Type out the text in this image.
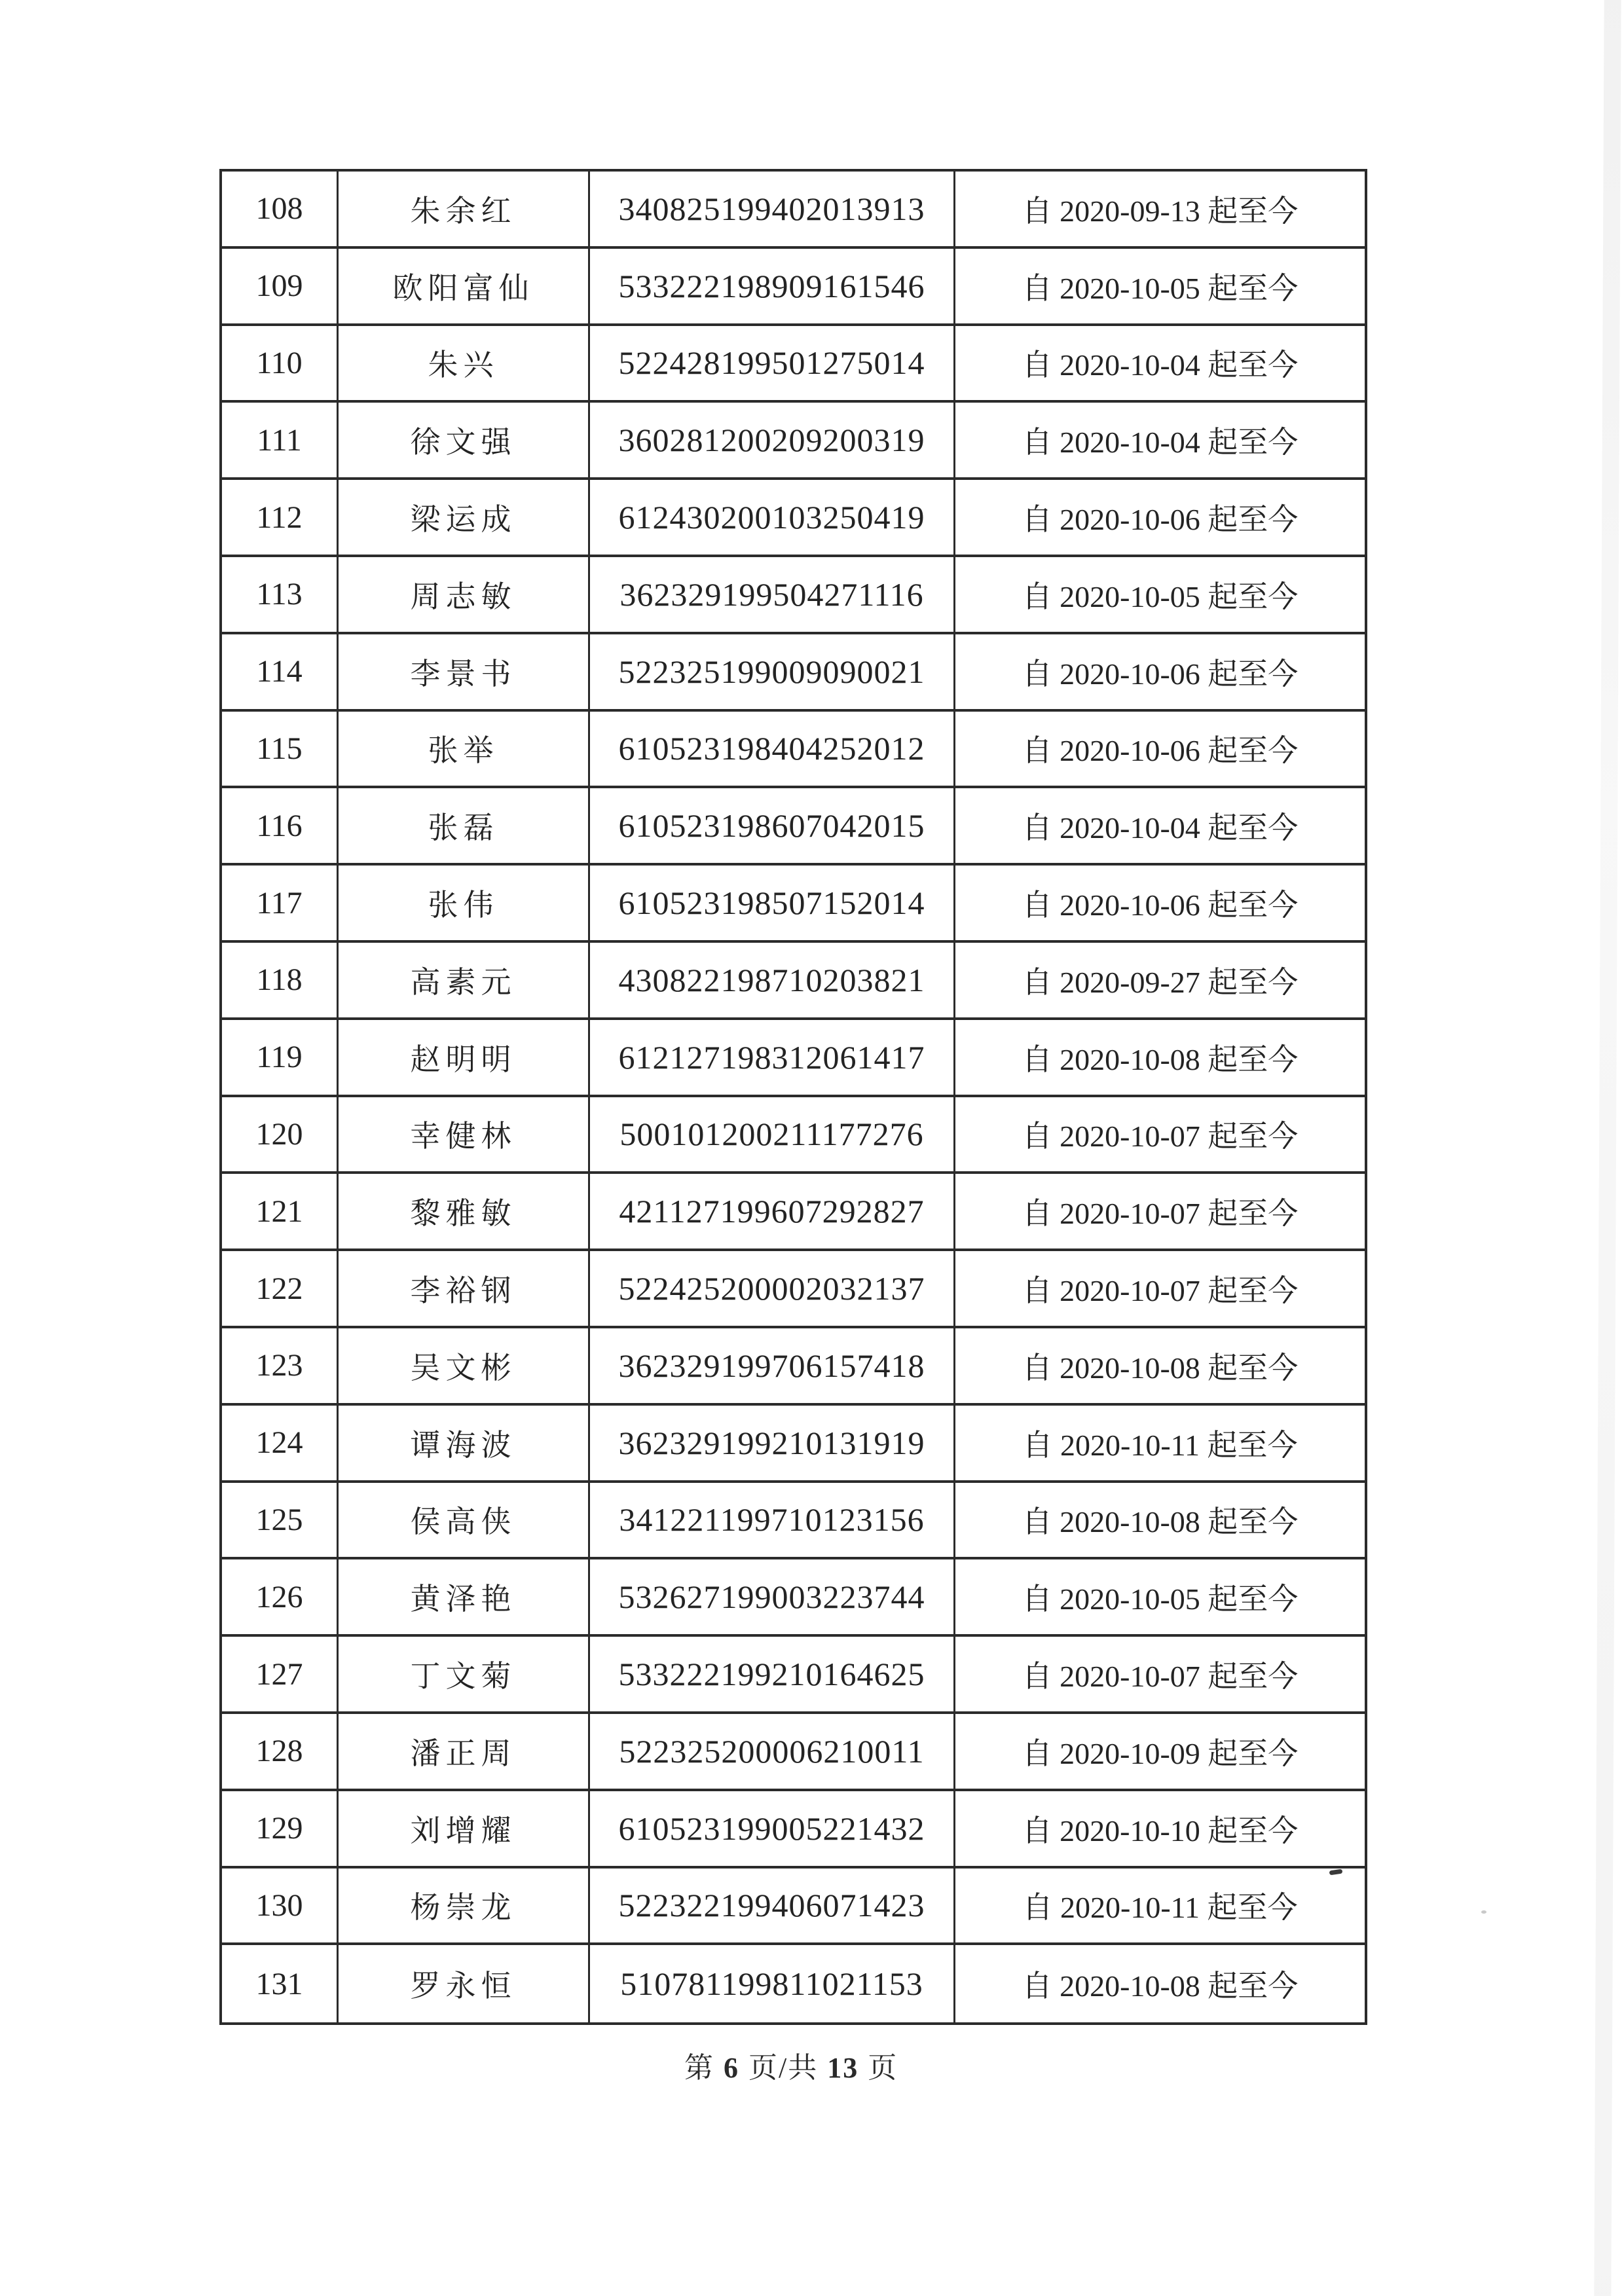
108	朱余红	340825199402013913	自 2020-09-13 起至今
109	欧阳富仙	533222198909161546	自 2020-10-05 起至今
110	朱兴	522428199501275014	自 2020-10-04 起至今
111	徐文强	360281200209200319	自 2020-10-04 起至今
112	梁运成	612430200103250419	自 2020-10-06 起至今
113	周志敏	362329199504271116	自 2020-10-05 起至今
114	李景书	522325199009090021	自 2020-10-06 起至今
115	张举	610523198404252012	自 2020-10-06 起至今
116	张磊	610523198607042015	自 2020-10-04 起至今
117	张伟	610523198507152014	自 2020-10-06 起至今
118	高素元	430822198710203821	自 2020-09-27 起至今
119	赵明明	612127198312061417	自 2020-10-08 起至今
120	幸健林	500101200211177276	自 2020-10-07 起至今
121	黎雅敏	421127199607292827	自 2020-10-07 起至今
122	李裕钢	522425200002032137	自 2020-10-07 起至今
123	吴文彬	362329199706157418	自 2020-10-08 起至今
124	谭海波	362329199210131919	自 2020-10-11 起至今
125	侯高侠	341221199710123156	自 2020-10-08 起至今
126	黄泽艳	532627199003223744	自 2020-10-05 起至今
127	丁文菊	533222199210164625	自 2020-10-07 起至今
128	潘正周	522325200006210011	自 2020-10-09 起至今
129	刘增耀	610523199005221432	自 2020-10-10 起至今
130	杨崇龙	522322199406071423	自 2020-10-11 起至今
131	罗永恒	510781199811021153	自 2020-10-08 起至今
第 6 页/共 13 页
